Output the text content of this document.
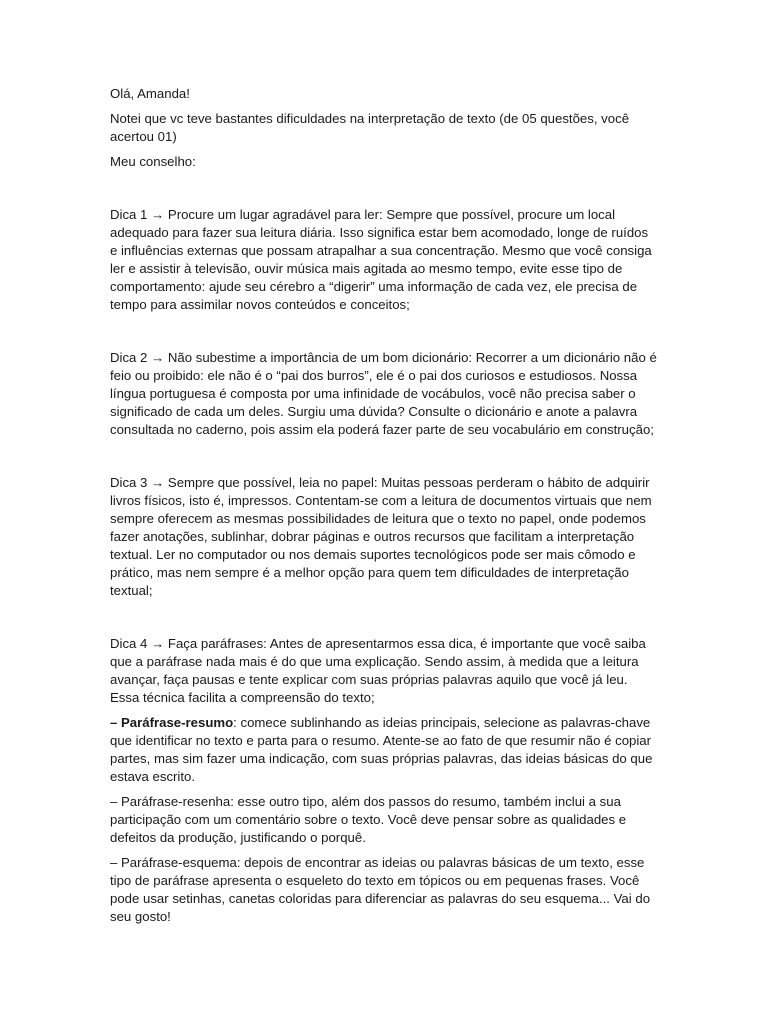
Olá, Amanda!

Notei que vc teve bastantes dificuldades na interpretação de texto (de 05 questões, você acertou 01)

Meu conselho:

Dica 1 → Procure um lugar agradável para ler: Sempre que possível, procure um local adequado para fazer sua leitura diária. Isso significa estar bem acomodado, longe de ruídos e influências externas que possam atrapalhar a sua concentração. Mesmo que você consiga ler e assistir à televisão, ouvir música mais agitada ao mesmo tempo, evite esse tipo de comportamento: ajude seu cérebro a “digerir” uma informação de cada vez, ele precisa de tempo para assimilar novos conteúdos e conceitos;

Dica 2 → Não subestime a importância de um bom dicionário: Recorrer a um dicionário não é feio ou proibido: ele não é o “pai dos burros”, ele é o pai dos curiosos e estudiosos. Nossa língua portuguesa é composta por uma infinidade de vocábulos, você não precisa saber o significado de cada um deles. Surgiu uma dúvida? Consulte o dicionário e anote a palavra consultada no caderno, pois assim ela poderá fazer parte de seu vocabulário em construção;

Dica 3 → Sempre que possível, leia no papel: Muitas pessoas perderam o hábito de adquirir livros físicos, isto é, impressos. Contentam-se com a leitura de documentos virtuais que nem sempre oferecem as mesmas possibilidades de leitura que o texto no papel, onde podemos fazer anotações, sublinhar, dobrar páginas e outros recursos que facilitam a interpretação textual. Ler no computador ou nos demais suportes tecnológicos pode ser mais cômodo e prático, mas nem sempre é a melhor opção para quem tem dificuldades de interpretação textual;

Dica 4 → Faça paráfrases: Antes de apresentarmos essa dica, é importante que você saiba que a paráfrase nada mais é do que uma explicação. Sendo assim, à medida que a leitura avançar, faça pausas e tente explicar com suas próprias palavras aquilo que você já leu. Essa técnica facilita a compreensão do texto;

– Paráfrase-resumo: comece sublinhando as ideias principais, selecione as palavras-chave que identificar no texto e parta para o resumo. Atente-se ao fato de que resumir não é copiar partes, mas sim fazer uma indicação, com suas próprias palavras, das ideias básicas do que estava escrito.

– Paráfrase-resenha: esse outro tipo, além dos passos do resumo, também inclui a sua participação com um comentário sobre o texto. Você deve pensar sobre as qualidades e defeitos da produção, justificando o porquê.

– Paráfrase-esquema: depois de encontrar as ideias ou palavras básicas de um texto, esse tipo de paráfrase apresenta o esqueleto do texto em tópicos ou em pequenas frases. Você pode usar setinhas, canetas coloridas para diferenciar as palavras do seu esquema... Vai do seu gosto!
